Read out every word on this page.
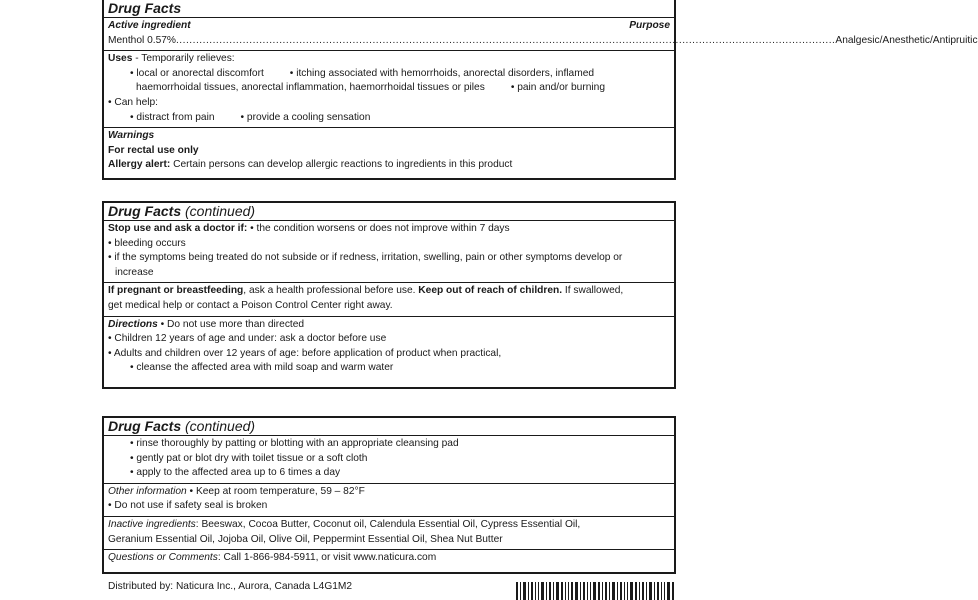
Drug Facts
Active ingredient	Purpose
Menthol 0.57% ...................................................................................................................................................................................................... Analgesic/Anesthetic/Antipruitic
Uses - Temporarily relieves:
• local or anorectal discomfort	• itching associated with hemorrhoids, anorectal disorders, inflamed
haemorrhoidal tissues, anorectal inflammation, haemorrhoidal tissues or piles	• pain and/or burning
• Can help:
• distract from pain	• provide a cooling sensation
Warnings
For rectal use only
Allergy alert: Certain persons can develop allergic reactions to ingredients in this product
Drug Facts (continued)
Stop use and ask a doctor if: • the condition worsens or does not improve within 7 days
• bleeding occurs
• if the symptoms being treated do not subside or if redness, irritation, swelling, pain or other symptoms develop or
increase
If pregnant or breastfeeding, ask a health professional before use. Keep out of reach of children. If swallowed,
get medical help or contact a Poison Control Center right away.
Directions • Do not use more than directed
• Children 12 years of age and under: ask a doctor before use
• Adults and children over 12 years of age: before application of product when practical,
• cleanse the affected area with mild soap and warm water
Drug Facts (continued)
• rinse thoroughly by patting or blotting with an appropriate cleansing pad
• gently pat or blot dry with toilet tissue or a soft cloth
• apply to the affected area up to 6 times a day
Other information • Keep at room temperature, 59 – 82°F
• Do not use if safety seal is broken
Inactive ingredients: Beeswax, Cocoa Butter, Coconut oil, Calendula Essential Oil, Cypress Essential Oil,
Geranium Essential Oil, Jojoba Oil, Olive Oil, Peppermint Essential Oil, Shea Nut Butter
Questions or Comments: Call 1-866-984-5911, or visit www.naticura.com
Distributed by: Naticura Inc., Aurora, Canada L4G1M2
